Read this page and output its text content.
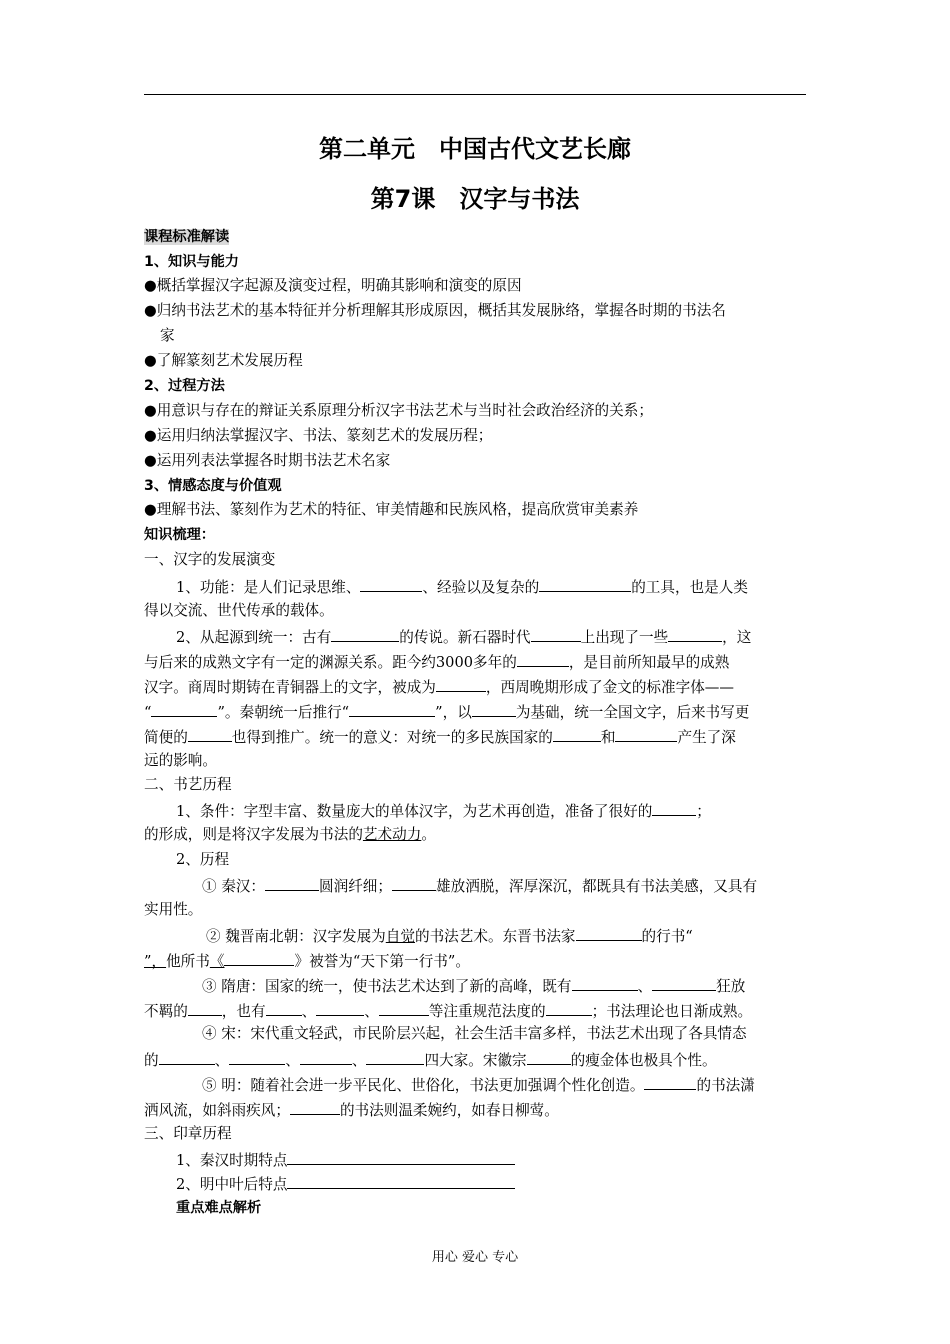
第二单元　中国古代文艺长廊
第7课　汉字与书法
课程标准解读
1、知识与能力
●概括掌握汉字起源及演变过程，明确其影响和演变的原因
●归纳书法艺术的基本特征并分析理解其形成原因，概括其发展脉络，掌握各时期的书法名
家
●了解篆刻艺术发展历程
2、过程方法
●用意识与存在的辩证关系原理分析汉字书法艺术与当时社会政治经济的关系；
●运用归纳法掌握汉字、书法、篆刻艺术的发展历程；
●运用列表法掌握各时期书法艺术名家
3、情感态度与价值观
●理解书法、篆刻作为艺术的特征、审美情趣和民族风格，提高欣赏审美素养
知识梳理：
一、汉字的发展演变
1、功能：是人们记录思维、	、经验以及复杂的	的工具，也是人类
得以交流、世代传承的载体。
2、从起源到统一：古有	的传说。新石器时代	上出现了一些	，这
与后来的成熟文字有一定的渊源关系。距今约3000多年的	，是目前所知最早的成熟
汉字。商周时期铸在青铜器上的文字，被成为	，西周晚期形成了金文的标准字体——
“	”。秦朝统一后推行“	”，以	为基础，统一全国文字，后来书写更
简便的	也得到推广。统一的意义：对统一的多民族国家的	和	产生了深
远的影响。
二、书艺历程
1、条件：字型丰富、数量庞大的单体汉字，为艺术再创造，准备了很好的	；
的形成，则是将汉字发展为书法的艺术动力。
2、历程
① 秦汉：	圆润纤细；	雄放洒脱，浑厚深沉，都既具有书法美感，又具有
实用性。
② 魏晋南北朝：汉字发展为自觉的书法艺术。东晋书法家	的行书“
”，他所书《	》被誉为“天下第一行书”。
③ 隋唐：国家的统一，使书法艺术达到了新的高峰，既有	、	狂放
不羁的 ，也有 、	、	等注重规范法度的	；书法理论也日渐成熟。
④ 宋：宋代重文轻武，市民阶层兴起，社会生活丰富多样，书法艺术出现了各具情态
的	、	、	、	四大家。宋徽宗	的瘦金体也极具个性。
⑤ 明：随着社会进一步平民化、世俗化，书法更加强调个性化创造。	的书法潇
洒风流，如斜雨疾风；	的书法则温柔婉约，如春日柳莺。
三、印章历程
1、秦汉时期特点
2、明中叶后特点
重点难点解析
用心 爱心 专心
